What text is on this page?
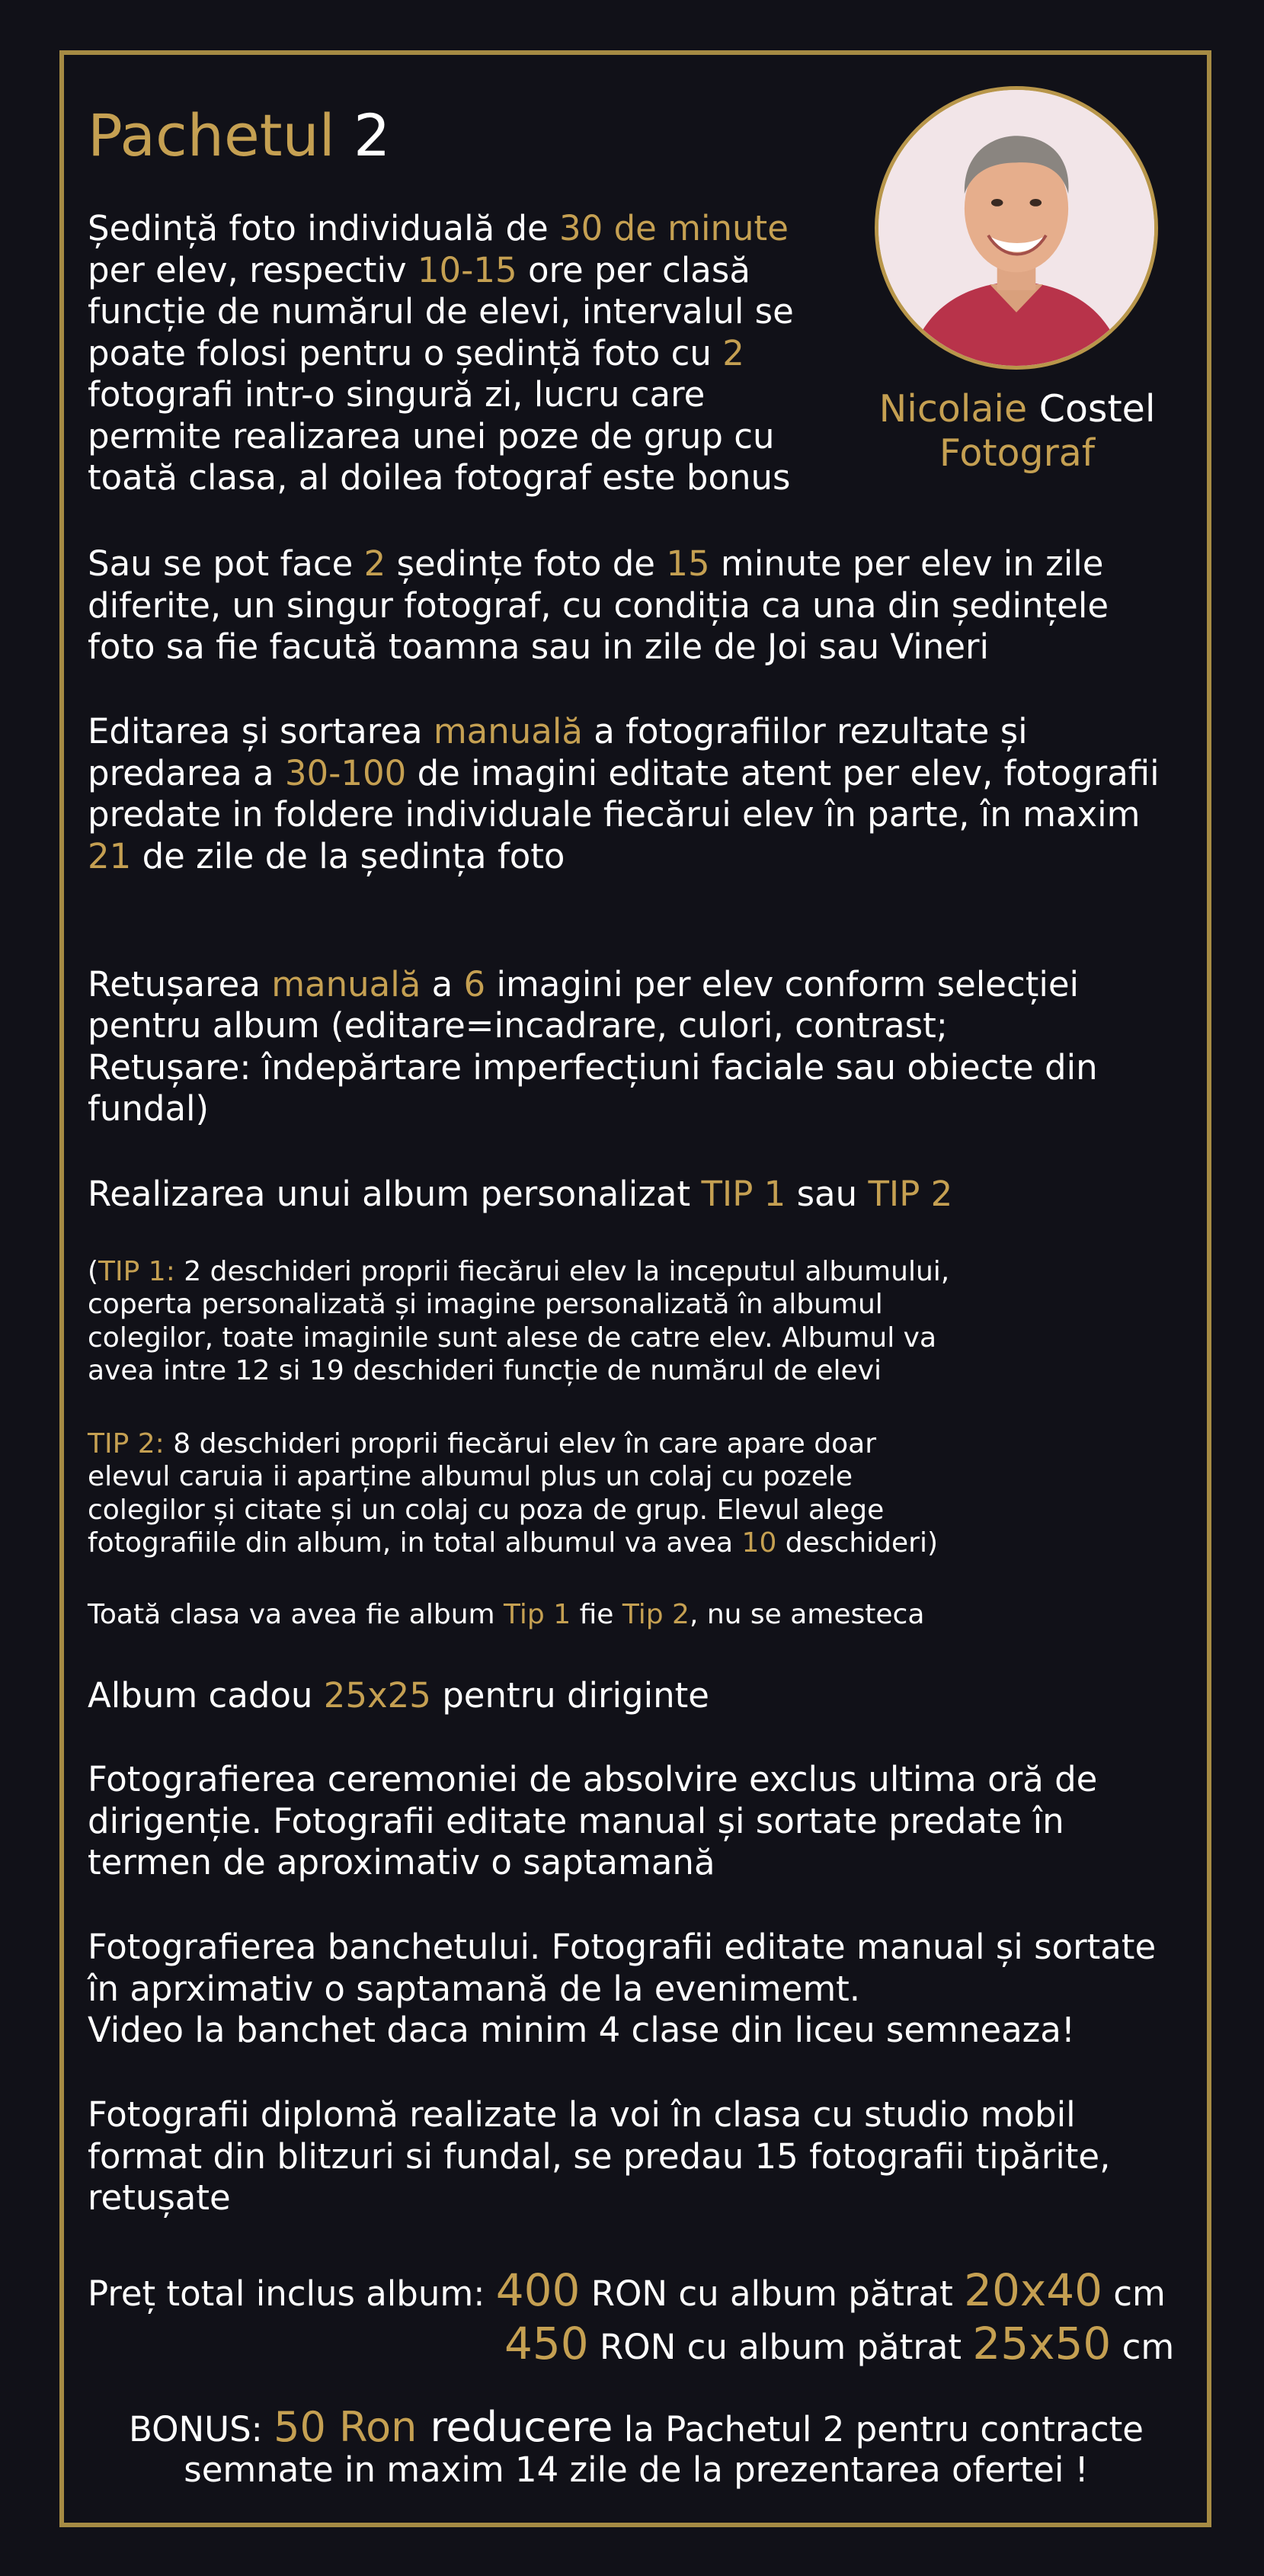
Pachetul 2
Nicolaie Costel
Fotograf
Ședință foto individuală de 30 de minute
per elev, respectiv 10-15 ore per clasă
funcție de numărul de elevi, intervalul se
poate folosi pentru o ședință foto cu 2
fotografi intr-o singură zi, lucru care
permite realizarea unei poze de grup cu
toată clasa, al doilea fotograf este bonus
Sau se pot face 2 ședințe foto de 15 minute per elev in zile
diferite, un singur fotograf, cu condiția ca una din ședințele
foto sa fie facută toamna sau in zile de Joi sau Vineri
Editarea și sortarea manuală a fotografiilor rezultate și
predarea a 30-100 de imagini editate atent per elev, fotografii
predate in foldere individuale fiecărui elev în parte, în maxim
21 de zile de la ședința foto
Retușarea manuală a 6 imagini per elev conform selecției
pentru album (editare=incadrare, culori, contrast;
Retușare: îndepărtare imperfecțiuni faciale sau obiecte din
fundal)
Realizarea unui album personalizat TIP 1 sau TIP 2
(TIP 1: 2 deschideri proprii fiecărui elev la inceputul albumului,
coperta personalizată și imagine personalizată în albumul
colegilor, toate imaginile sunt alese de catre elev. Albumul va
avea intre 12 si 19 deschideri funcție de numărul de elevi
TIP 2: 8 deschideri proprii fiecărui elev în care apare doar
elevul caruia ii aparține albumul plus un colaj cu pozele
colegilor și citate și un colaj cu poza de grup. Elevul alege
fotografiile din album, in total albumul va avea 10 deschideri)
Toată clasa va avea fie album Tip 1 fie Tip 2, nu se amesteca
Album cadou 25x25 pentru diriginte
Fotografierea ceremoniei de absolvire exclus ultima oră de
dirigenție. Fotografii editate manual și sortate predate în
termen de aproximativ o saptamană
Fotografierea banchetului. Fotografii editate manual și sortate
în aprximativ o saptamană de la evenimemt.
Video la banchet daca minim 4 clase din liceu semneaza!
Fotografii diplomă realizate la voi în clasa cu studio mobil
format din blitzuri si fundal, se predau 15 fotografii tipărite,
retușate
Preț total inclus album: 400 RON cu album pătrat 20x40 cm
450 RON cu album pătrat 25x50 cm
BONUS: 50 Ron reducere la Pachetul 2 pentru contracte
semnate in maxim 14 zile de la prezentarea ofertei !
